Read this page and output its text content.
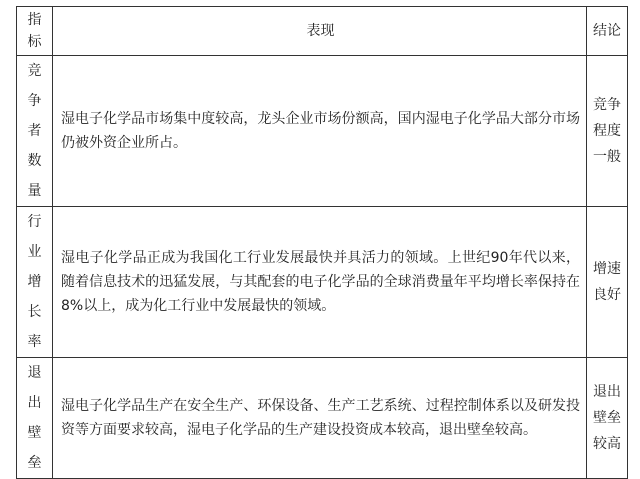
指标	表现	结论

竞争者数量	湿电子化学品市场集中度较高，龙头企业市场份额高，国内湿电子化学品大部分市场仍被外资企业所占。	竞争程度一般

行业增长率	湿电子化学品正成为我国化工行业发展最快并具活力的领域。上世纪90年代以来，随着信息技术的迅猛发展，与其配套的电子化学品的全球消费量年平均增长率保持在8%以上，成为化工行业中发展最快的领域。	增速良好

退出壁垒	湿电子化学品生产在安全生产、环保设备、生产工艺系统、过程控制体系以及研发投资等方面要求较高，湿电子化学品的生产建设投资成本较高，退出壁垒较高。	退出壁垒较高
